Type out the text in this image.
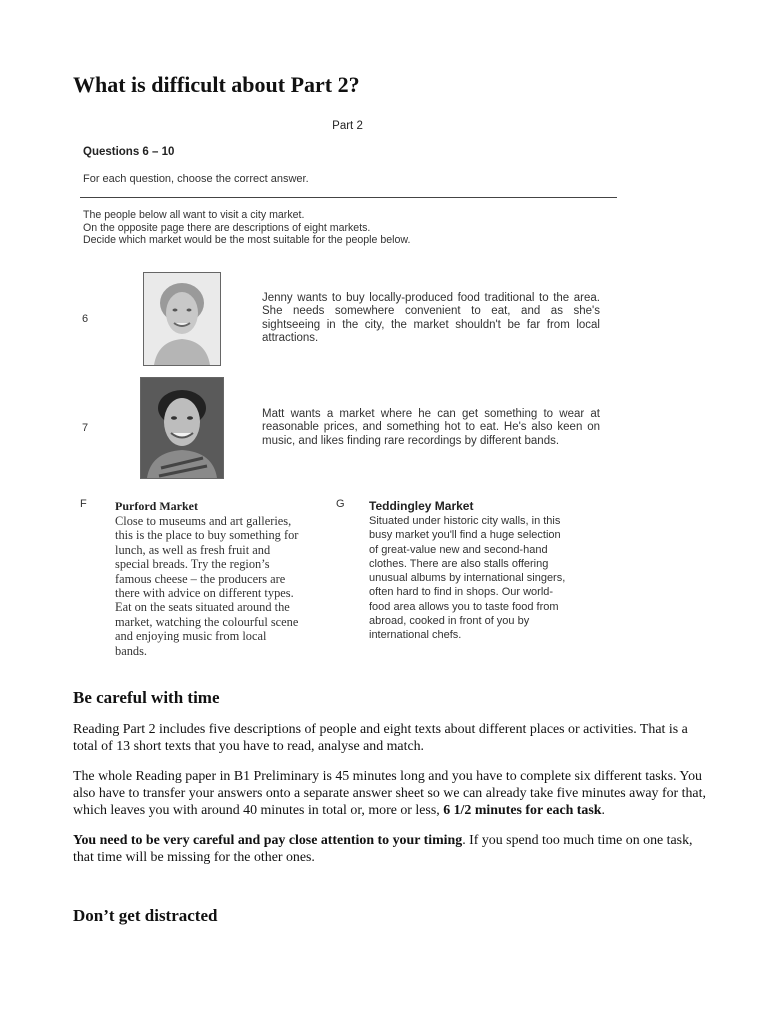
What is difficult about Part 2?
Part 2
Questions 6 – 10
For each question, choose the correct answer.
The people below all want to visit a city market.
On the opposite page there are descriptions of eight markets.
Decide which market would be the most suitable for the people below.
6
Jenny wants to buy locally-produced food traditional to the area. She needs somewhere convenient to eat, and as she's sightseeing in the city, the market shouldn't be far from local attractions.
7
Matt wants a market where he can get something to wear at reasonable prices, and something hot to eat. He's also keen on music, and likes finding rare recordings by different bands.
F Purford Market
Close to museums and art galleries,
this is the place to buy something for
lunch, as well as fresh fruit and
special breads. Try the region’s
famous cheese – the producers are
there with advice on different types.
Eat on the seats situated around the
market, watching the colourful scene
and enjoying music from local
bands.
G Teddingley Market
Situated under historic city walls, in this
busy market you'll find a huge selection
of great-value new and second-hand
clothes. There are also stalls offering
unusual albums by international singers,
often hard to find in shops. Our world-
food area allows you to taste food from
abroad, cooked in front of you by
international chefs.
Be careful with time

Reading Part 2 includes five descriptions of people and eight texts about different places or activities. That is a total of 13 short texts that you have to read, analyse and match.

The whole Reading paper in B1 Preliminary is 45 minutes long and you have to complete six different tasks. You also have to transfer your answers onto a separate answer sheet so we can already take five minutes away for that, which leaves you with around 40 minutes in total or, more or less, 6 1/2 minutes for each task.

You need to be very careful and pay close attention to your timing. If you spend too much time on one task, that time will be missing for the other ones.

Don’t get distracted
